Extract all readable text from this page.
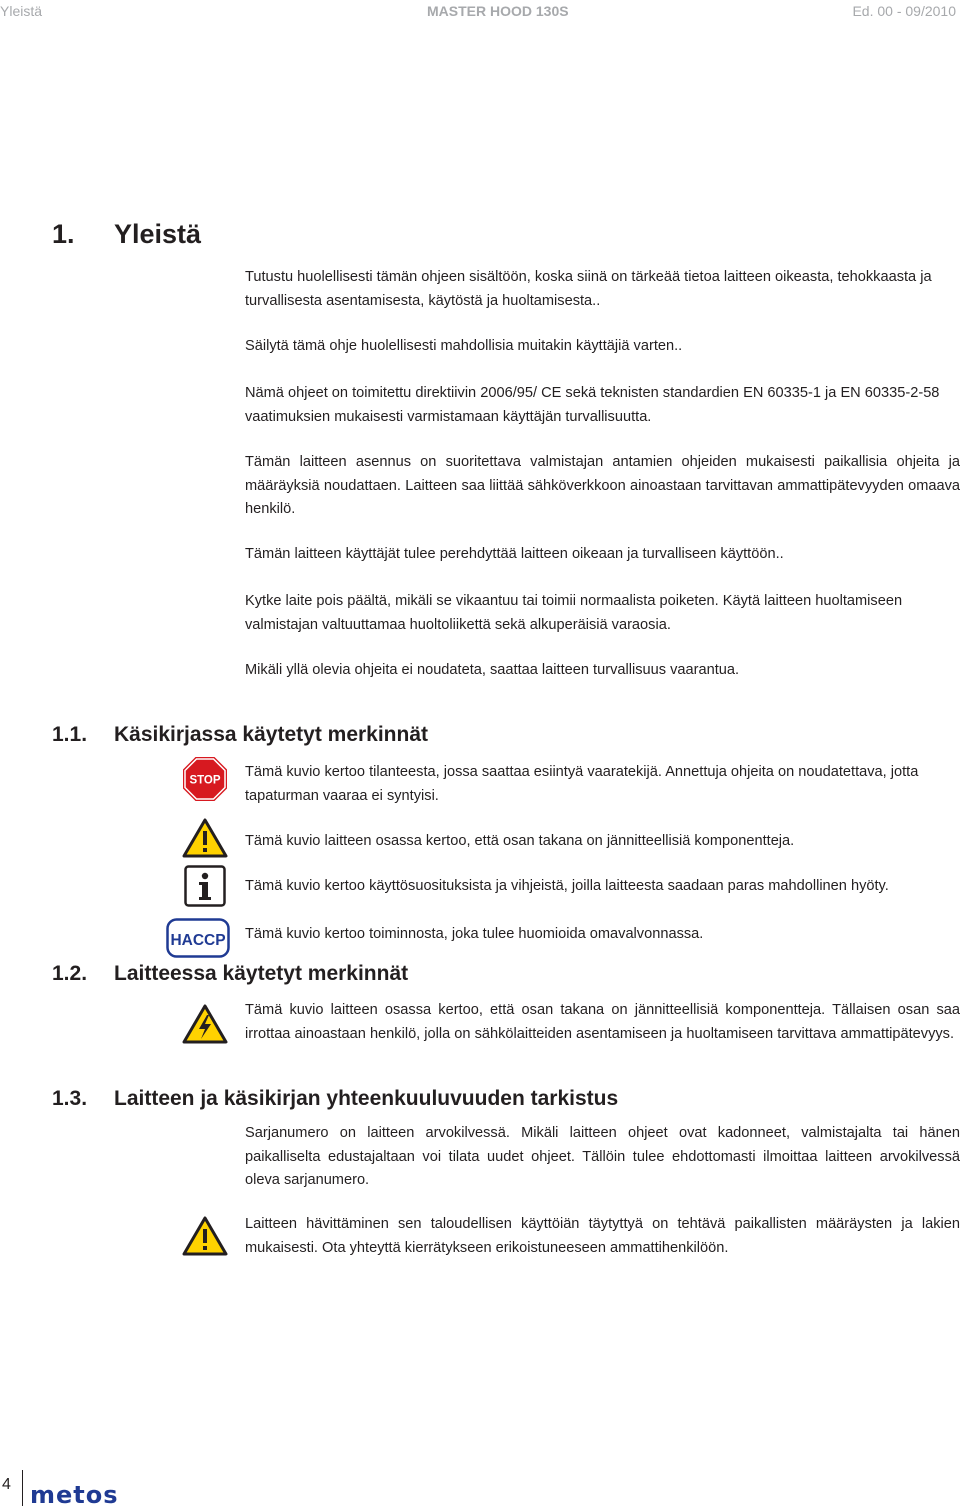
Yleistä	MASTER HOOD 130S	Ed. 00 - 09/2010
1. Yleistä

Tutustu huolellisesti tämän ohjeen sisältöön, koska siinä on tärkeää tietoa laitteen oikeasta, tehokkaasta ja turvallisesta asentamisesta, käytöstä ja huoltamisesta..

Säilytä tämä ohje huolellisesti mahdollisia muitakin käyttäjiä varten..

Nämä ohjeet on toimitettu direktiivin 2006/95/ CE sekä teknisten standardien EN 60335-1 ja EN 60335-2-58 vaatimuksien mukaisesti varmistamaan käyttäjän turvallisuutta.

Tämän laitteen asennus on suoritettava valmistajan antamien ohjeiden mukaisesti paikallisia ohjeita ja määräyksiä noudattaen. Laitteen saa liittää sähköverkkoon ainoastaan tarvittavan ammattipätevyyden omaava henkilö.

Tämän laitteen käyttäjät tulee perehdyttää laitteen oikeaan ja turvalliseen käyttöön..

Kytke laite pois päältä, mikäli se vikaantuu tai toimii normaalista poiketen. Käytä laitteen huoltamiseen valmistajan valtuuttamaa huoltoliikettä sekä alkuperäisiä varaosia.

Mikäli yllä olevia ohjeita ei noudateta, saattaa laitteen turvallisuus vaarantua.

1.1. Käsikirjassa käytetyt merkinnät
STOP

Tämä kuvio kertoo tilanteesta, jossa saattaa esiintyä vaaratekijä. Annettuja ohjeita on noudatettava, jotta tapaturman vaaraa ei syntyisi.

Tämä kuvio laitteen osassa kertoo, että osan takana on jännitteellisiä komponentteja.

Tämä kuvio kertoo käyttösuosituksista ja vihjeistä, joilla laitteesta saadaan paras mahdollinen hyöty.

HACCP Tämä kuvio kertoo toiminnosta, joka tulee huomioida omavalvonnassa.

1.2. Laitteessa käytetyt merkinnät

Tämä kuvio laitteen osassa kertoo, että osan takana on jännitteellisiä komponentteja. Tällaisen osan saa irrottaa ainoastaan henkilö, jolla on sähkölaitteiden asentamiseen ja huoltamiseen tarvittava ammattipätevyys.

1.3. Laitteen ja käsikirjan yhteenkuuluvuuden tarkistus

Sarjanumero on laitteen arvokilvessä. Mikäli laitteen ohjeet ovat kadonneet, valmistajalta tai hänen paikalliselta edustajaltaan voi tilata uudet ohjeet. Tällöin tulee ehdottomasti ilmoittaa laitteen arvokilvessä oleva sarjanumero.

Laitteen hävittäminen sen taloudellisen käyttöiän täytyttyä on tehtävä paikallisten määräysten ja lakien mukaisesti. Ota yhteyttä kierrätykseen erikoistuneeseen ammattihenkilöön.

4 metos
